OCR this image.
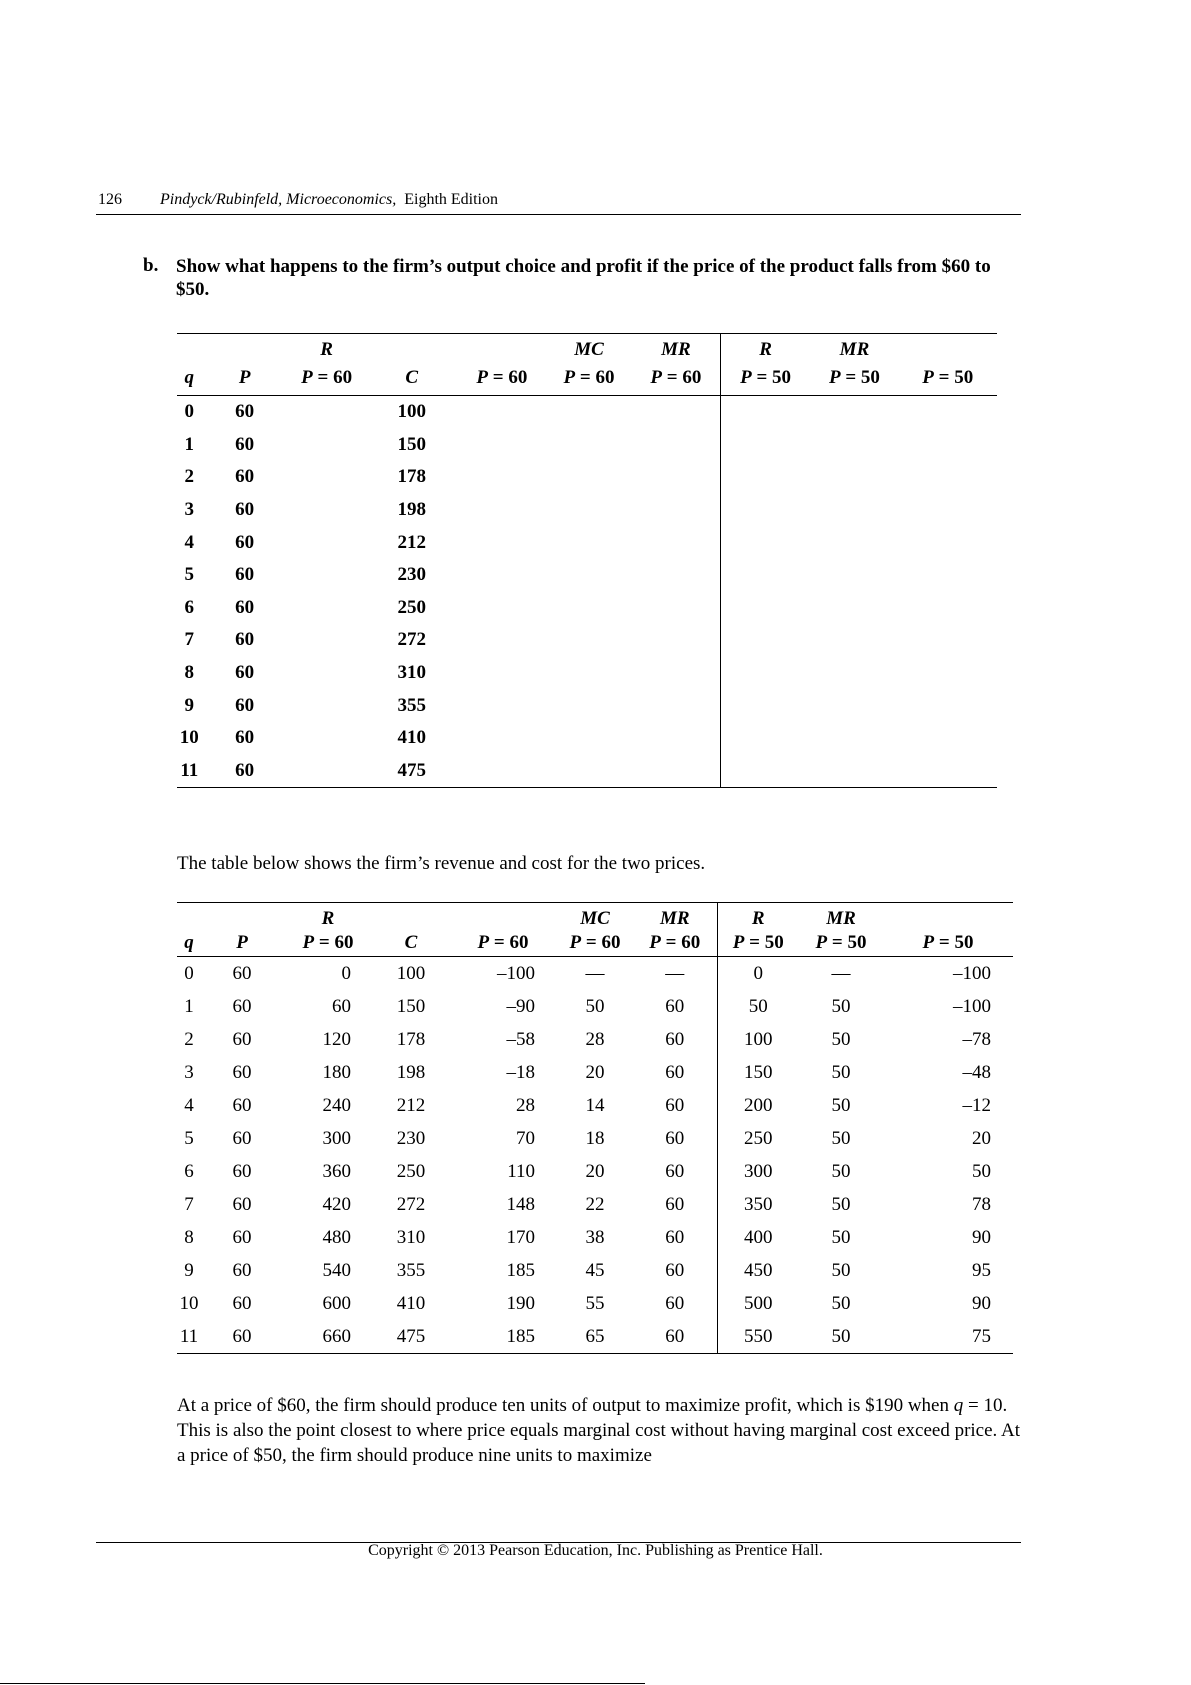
126 Pindyck/Rubinfeld, Microeconomics, Eighth Edition
b. Show what happens to the firm’s output choice and profit if the price of the product falls from $60 to $50.
		R			MC	MR	R	MR	
q	P	P = 60	C	P = 60	P = 60	P = 60	P = 50	P = 50	P = 50
0	60		100						
1	60		150						
2	60		178						
3	60		198						
4	60		212						
5	60		230						
6	60		250						
7	60		272						
8	60		310						
9	60		355						
10	60		410						
11	60		475						
The table below shows the firm’s revenue and cost for the two prices.
		R			MC	MR	R	MR	
q	P	P = 60	C	P = 60	P = 60	P = 60	P = 50	P = 50	P = 50
0	60	0	100	–100	—	—	0	—	–100
1	60	60	150	–90	50	60	50	50	–100
2	60	120	178	–58	28	60	100	50	–78
3	60	180	198	–18	20	60	150	50	–48
4	60	240	212	28	14	60	200	50	–12
5	60	300	230	70	18	60	250	50	20
6	60	360	250	110	20	60	300	50	50
7	60	420	272	148	22	60	350	50	78
8	60	480	310	170	38	60	400	50	90
9	60	540	355	185	45	60	450	50	95
10	60	600	410	190	55	60	500	50	90
11	60	660	475	185	65	60	550	50	75
At a price of $60, the firm should produce ten units of output to maximize profit, which is $190 when q = 10. This is also the point closest to where price equals marginal cost without having marginal cost exceed price. At a price of $50, the firm should produce nine units to maximize
Copyright © 2013 Pearson Education, Inc. Publishing as Prentice Hall.
